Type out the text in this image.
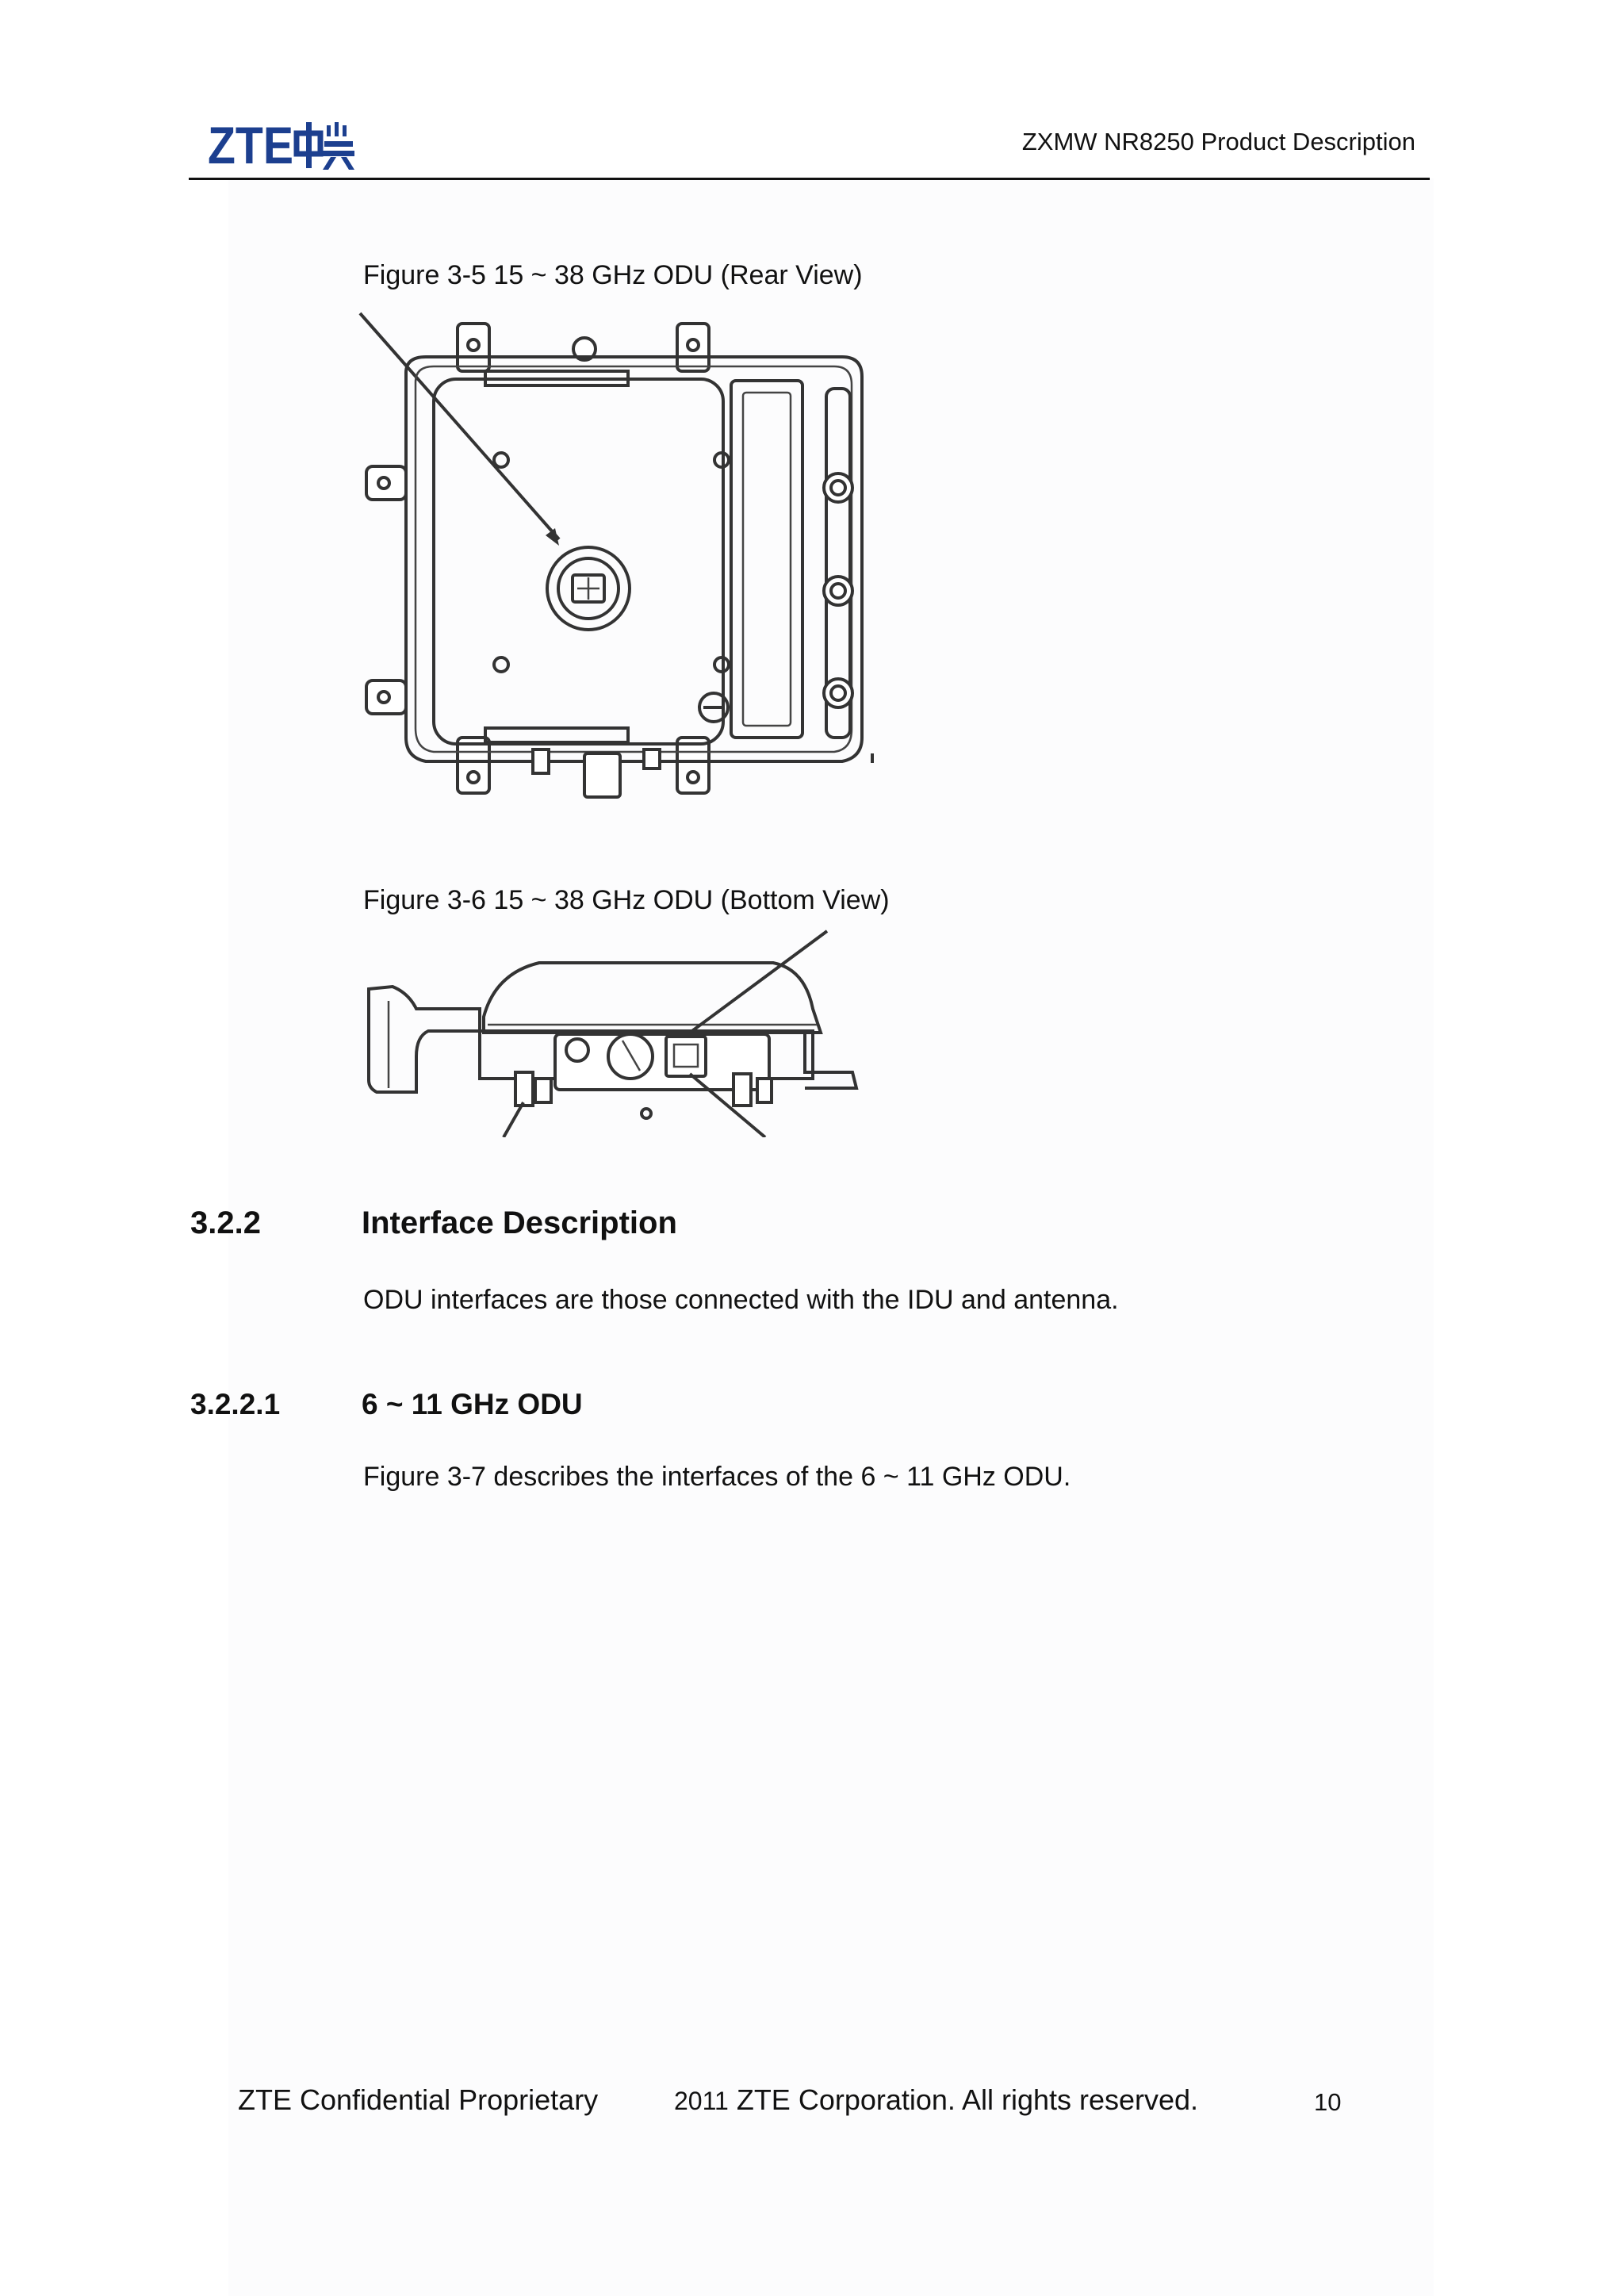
ZTE	ZXMW NR8250 Product Description
Figure 3-5 15 ~ 38 GHz ODU (Rear View)
Figure 3-6 15 ~ 38 GHz ODU (Bottom View)
3.2.2	Interface Description
ODU interfaces are those connected with the IDU and antenna.
3.2.2.1	6 ~ 11 GHz ODU
Figure 3-7 describes the interfaces of the 6 ~ 11 GHz ODU.
ZTE Confidential Proprietary	2011 ZTE Corporation. All rights reserved.	10
